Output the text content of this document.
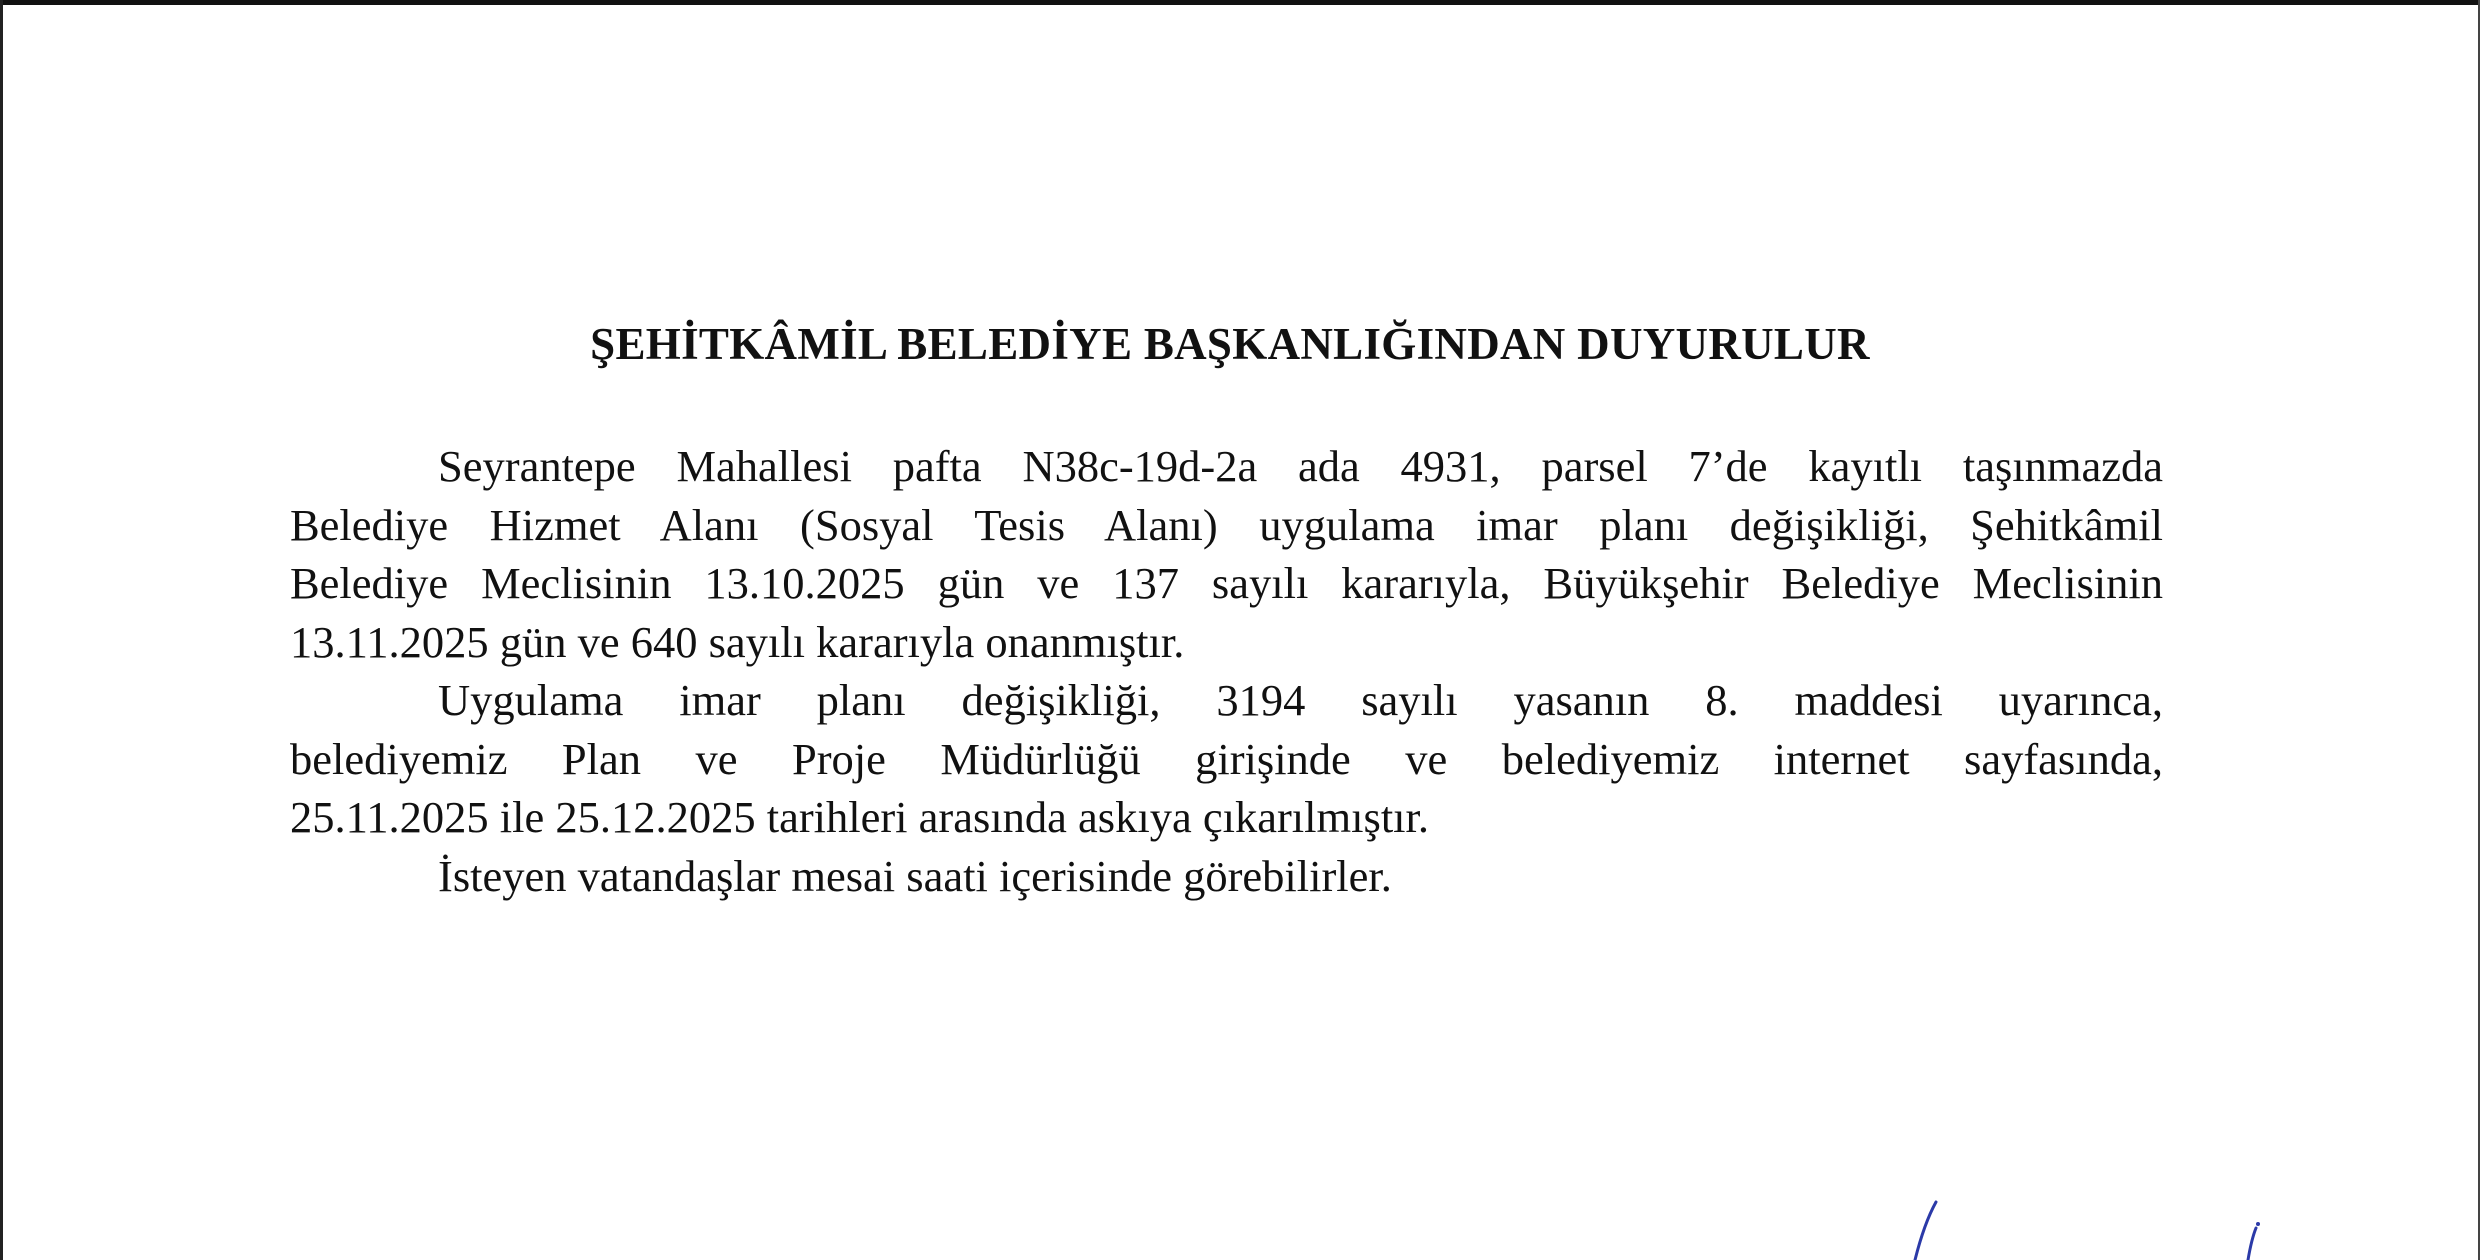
ŞEHİTKÂMİL BELEDİYE BAŞKANLIĞINDAN DUYURULUR

Seyrantepe Mahallesi pafta N38c-19d-2a ada 4931, parsel 7’de kayıtlı taşınmazda
Belediye Hizmet Alanı (Sosyal Tesis Alanı) uygulama imar planı değişikliği, Şehitkâmil
Belediye Meclisinin 13.10.2025 gün ve 137 sayılı kararıyla, Büyükşehir Belediye Meclisinin
13.11.2025 gün ve 640 sayılı kararıyla onanmıştır.

Uygulama imar planı değişikliği, 3194 sayılı yasanın 8. maddesi uyarınca,
belediyemiz Plan ve Proje Müdürlüğü girişinde ve belediyemiz internet sayfasında,
25.11.2025 ile 25.12.2025 tarihleri arasında askıya çıkarılmıştır.

İsteyen vatandaşlar mesai saati içerisinde görebilirler.
